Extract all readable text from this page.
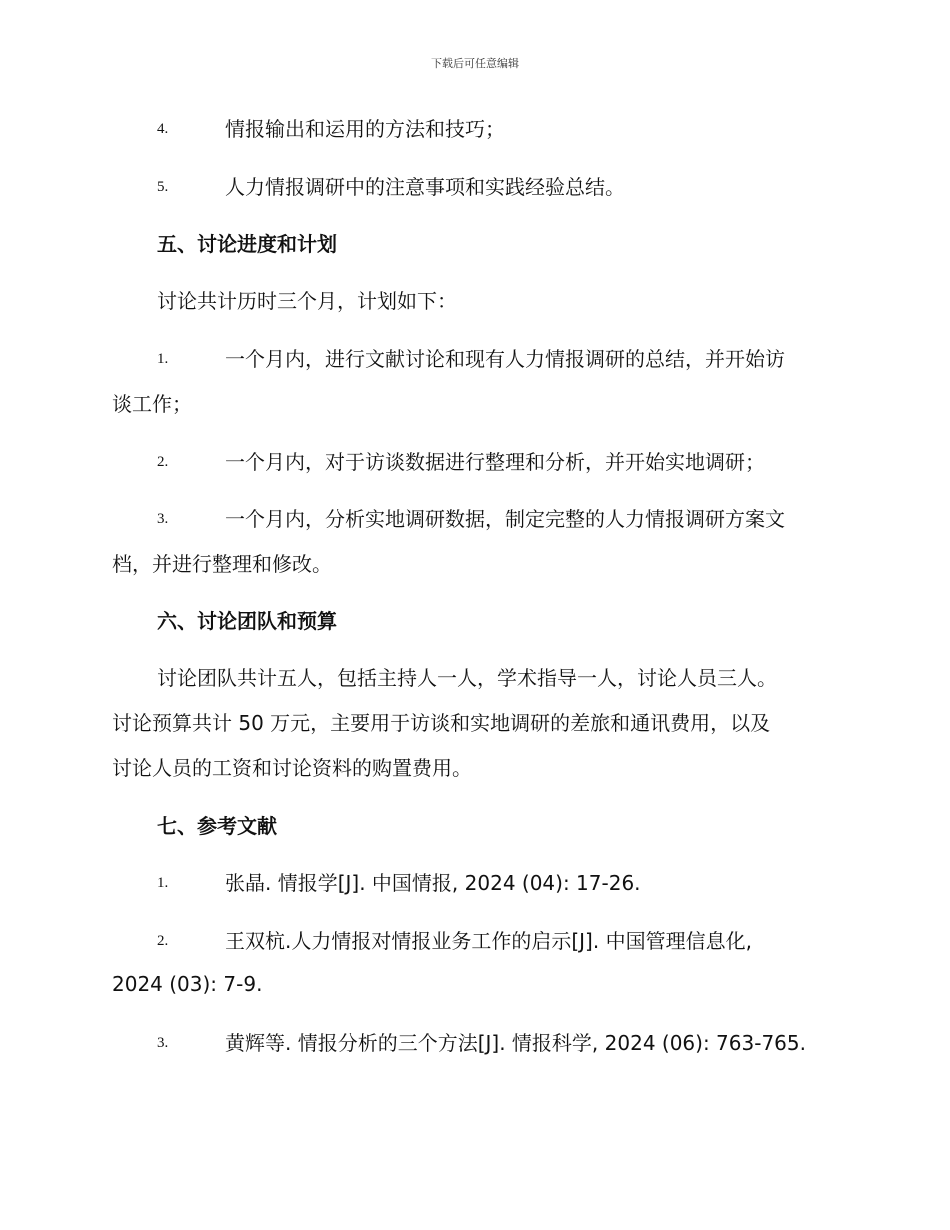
下载后可任意编辑
4.	情报输出和运用的方法和技巧；
5.	人力情报调研中的注意事项和实践经验总结。
五、讨论进度和计划
讨论共计历时三个月，计划如下：
1.	一个月内，进行文献讨论和现有人力情报调研的总结，并开始访
谈工作；
2.	一个月内，对于访谈数据进行整理和分析，并开始实地调研；
3.	一个月内，分析实地调研数据，制定完整的人力情报调研方案文
档，并进行整理和修改。
六、讨论团队和预算
讨论团队共计五人，包括主持人一人，学术指导一人，讨论人员三人。
讨论预算共计 50 万元，主要用于访谈和实地调研的差旅和通讯费用，以及
讨论人员的工资和讨论资料的购置费用。
七、参考文献
1.	张晶. 情报学[J]. 中国情报, 2024 (04): 17-26.
2.	王双杭.人力情报对情报业务工作的启示[J]. 中国管理信息化,
2024 (03): 7-9.
3.	黄辉等. 情报分析的三个方法[J]. 情报科学, 2024 (06): 763-765.
